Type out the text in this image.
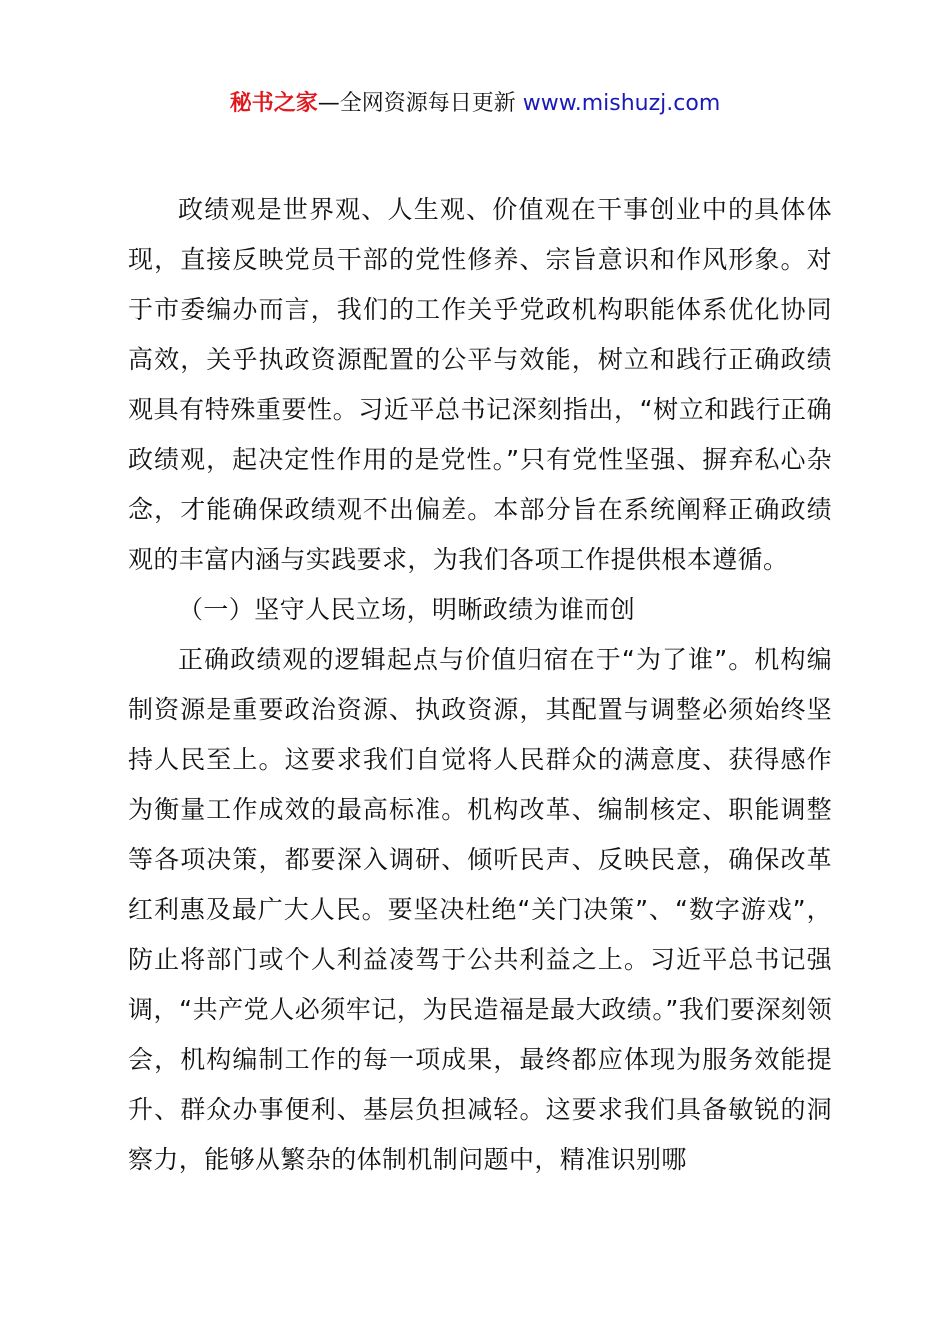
秘书之家—全网资源每日更新 www.mishuzj.com

政绩观是世界观、人生观、价值观在干事创业中的具体体现，直接反映党员干部的党性修养、宗旨意识和作风形象。对于市委编办而言，我们的工作关乎党政机构职能体系优化协同高效，关乎执政资源配置的公平与效能，树立和践行正确政绩观具有特殊重要性。习近平总书记深刻指出，“树立和践行正确政绩观，起决定性作用的是党性。”只有党性坚强、摒弃私心杂念，才能确保政绩观不出偏差。本部分旨在系统阐释正确政绩观的丰富内涵与实践要求，为我们各项工作提供根本遵循。

（一）坚守人民立场，明晰政绩为谁而创

正确政绩观的逻辑起点与价值归宿在于“为了谁”。机构编制资源是重要政治资源、执政资源，其配置与调整必须始终坚持人民至上。这要求我们自觉将人民群众的满意度、获得感作为衡量工作成效的最高标准。机构改革、编制核定、职能调整等各项决策，都要深入调研、倾听民声、反映民意，确保改革红利惠及最广大人民。要坚决杜绝“关门决策”、“数字游戏”，防止将部门或个人利益凌驾于公共利益之上。习近平总书记强调，“共产党人必须牢记，为民造福是最大政绩。”我们要深刻领会，机构编制工作的每一项成果，最终都应体现为服务效能提升、群众办事便利、基层负担减轻。这要求我们具备敏锐的洞察力，能够从繁杂的体制机制问题中，精准识别哪
